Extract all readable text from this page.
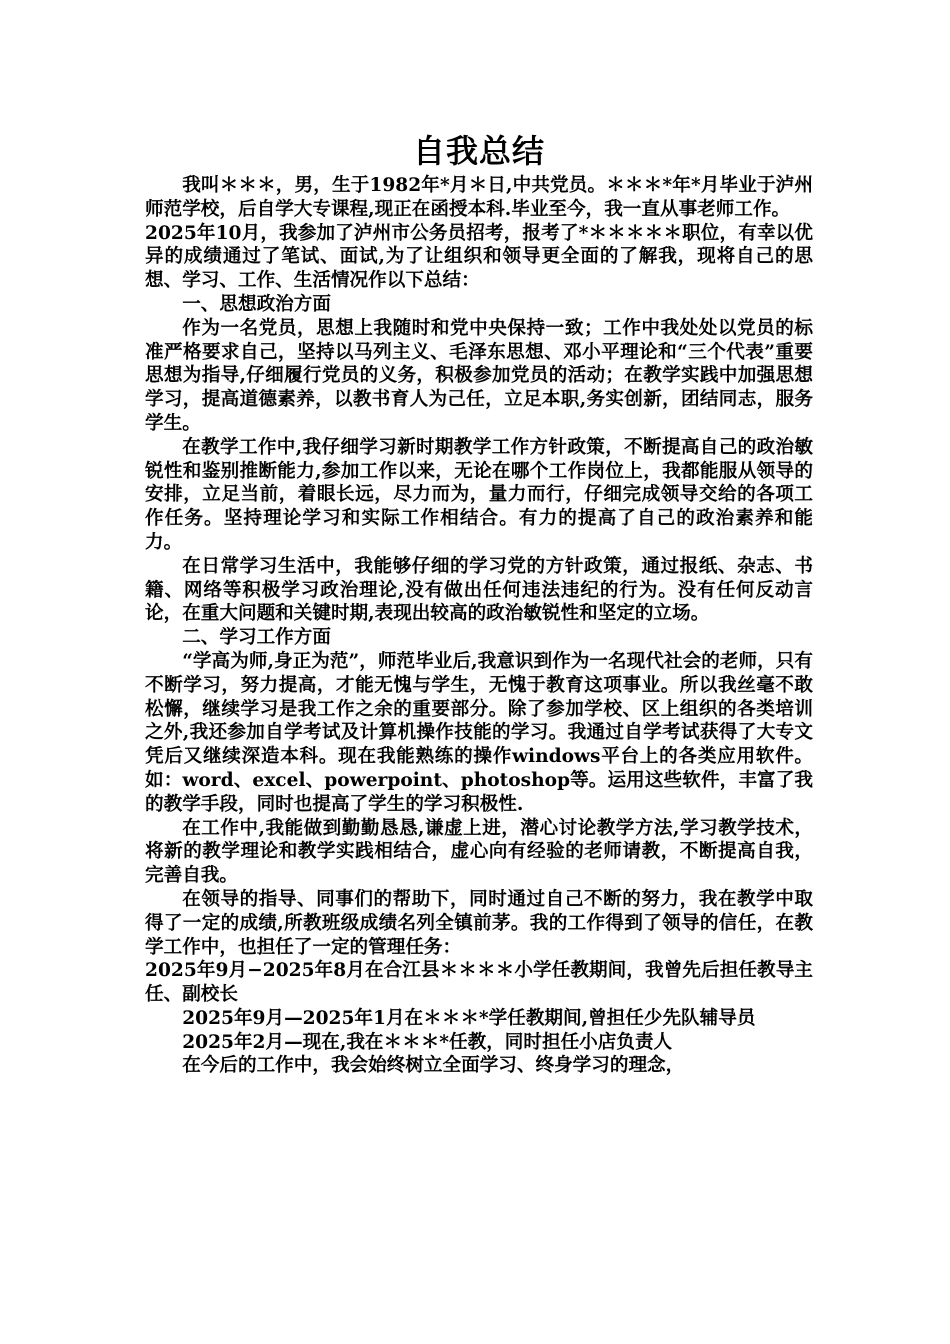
自我总结

我叫＊＊＊，男，生于1982年*月＊日,中共党员。＊＊＊*年*月毕业于泸州师范学校，后自学大专课程,现正在函授本科.毕业至今，我一直从事老师工作。

2025年10月，我参加了泸州市公务员招考，报考了*＊＊＊＊＊职位，有幸以优异的成绩通过了笔试、面试,为了让组织和领导更全面的了解我，现将自己的思想、学习、工作、生活情况作以下总结：

一、思想政治方面

作为一名党员，思想上我随时和党中央保持一致；工作中我处处以党员的标准严格要求自己，坚持以马列主义、毛泽东思想、邓小平理论和“三个代表”重要思想为指导,仔细履行党员的义务，积极参加党员的活动；在教学实践中加强思想学习，提高道德素养，以教书育人为己任，立足本职,务实创新，团结同志，服务学生。

在教学工作中,我仔细学习新时期教学工作方针政策，不断提高自己的政治敏锐性和鉴别推断能力,参加工作以来，无论在哪个工作岗位上，我都能服从领导的安排，立足当前，着眼长远，尽力而为，量力而行，仔细完成领导交给的各项工作任务。坚持理论学习和实际工作相结合。有力的提高了自己的政治素养和能力。

在日常学习生活中，我能够仔细的学习党的方针政策，通过报纸、杂志、书籍、网络等积极学习政治理论,没有做出任何违法违纪的行为。没有任何反动言论，在重大问题和关键时期,表现出较高的政治敏锐性和坚定的立场。

二、学习工作方面

“学高为师,身正为范”，师范毕业后,我意识到作为一名现代社会的老师，只有不断学习，努力提高，才能无愧与学生，无愧于教育这项事业。所以我丝毫不敢松懈，继续学习是我工作之余的重要部分。除了参加学校、区上组织的各类培训之外,我还参加自学考试及计算机操作技能的学习。我通过自学考试获得了大专文凭后又继续深造本科。现在我能熟练的操作windows平台上的各类应用软件。如：word、excel、powerpoint、photoshop等。运用这些软件，丰富了我的教学手段，同时也提高了学生的学习积极性.

在工作中,我能做到勤勤恳恳,谦虚上进，潜心讨论教学方法,学习教学技术，将新的教学理论和教学实践相结合，虚心向有经验的老师请教，不断提高自我，完善自我。

在领导的指导、同事们的帮助下，同时通过自己不断的努力，我在教学中取得了一定的成绩,所教班级成绩名列全镇前茅。我的工作得到了领导的信任，在教学工作中，也担任了一定的管理任务：

2025年9月−2025年8月在合江县＊＊＊＊小学任教期间，我曾先后担任教导主任、副校长

2025年9月—2025年1月在＊＊＊*学任教期间,曾担任少先队辅导员

2025年2月—现在,我在＊＊＊*任教，同时担任小店负责人

在今后的工作中，我会始终树立全面学习、终身学习的理念，
